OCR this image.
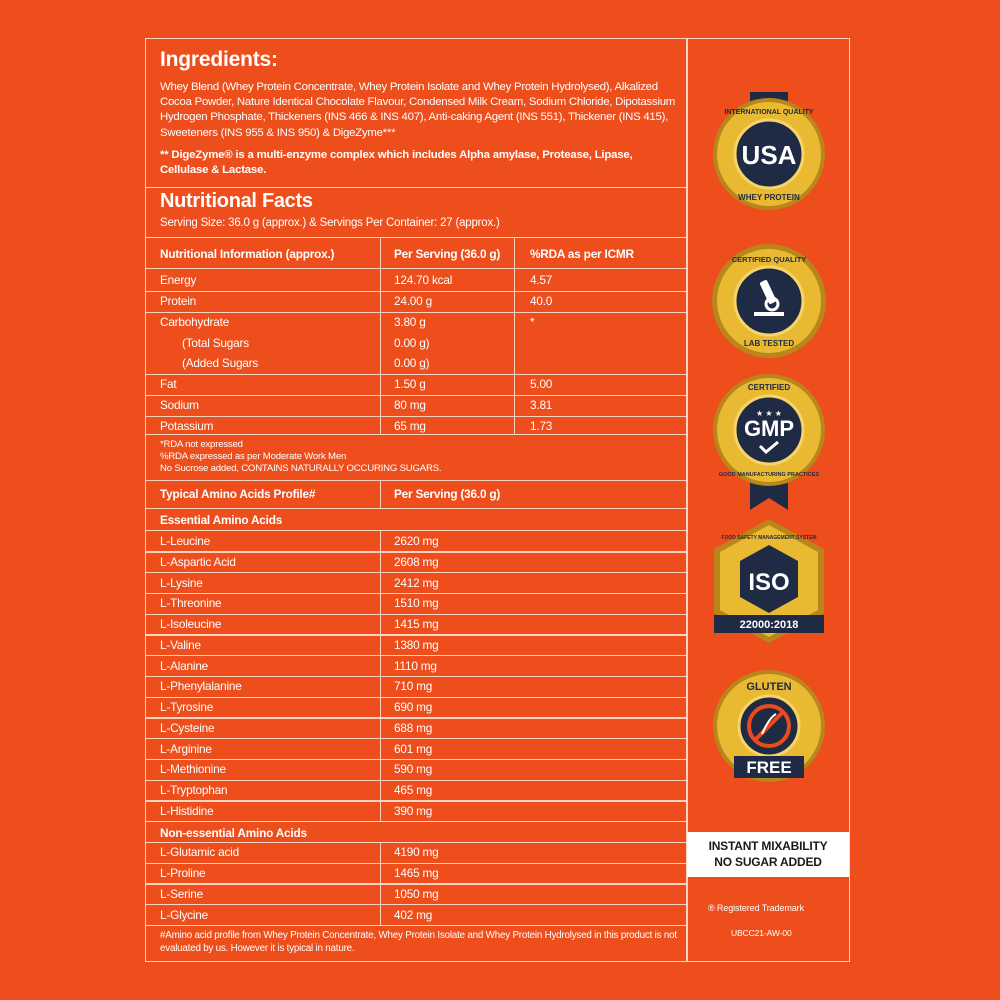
Ingredients:
Whey Blend (Whey Protein Concentrate, Whey Protein Isolate and Whey Protein Hydrolysed), Alkalized Cocoa Powder, Nature Identical Chocolate Flavour, Condensed Milk Cream, Sodium Chloride, Dipotassium Hydrogen Phosphate, Thickeners (INS 466 & INS 407), Anti-caking Agent (INS 551), Thickener (INS 415), Sweeteners (INS 955 & INS 950) & DigeZyme***
** DigeZyme® is a multi-enzyme complex which includes Alpha amylase, Protease, Lipase, Cellulase & Lactase.
Nutritional Facts
Serving Size: 36.0 g (approx.) & Servings Per Container: 27 (approx.)
Nutritional Information (approx.)	Per Serving (36.0 g)	%RDA as per ICMR
Energy	124.70 kcal	4.57
Protein	24.00 g	40.0
Carbohydrate	3.80 g	*
(Total Sugars	0.00 g)
(Added Sugars	0.00 g)
Fat	1.50 g	5.00
Sodium	80 mg	3.81
Potassium	65 mg	1.73
*RDA not expressed
%RDA expressed as per Moderate Work Men
No Sucrose added, CONTAINS NATURALLY OCCURING SUGARS.
Typical Amino Acids Profile#	Per Serving (36.0 g)
Essential Amino Acids
L-Leucine	2620 mg
L-Aspartic Acid	2608 mg
L-Lysine	2412 mg
L-Threonine	1510 mg
L-Isoleucine	1415 mg
L-Valine	1380 mg
L-Alanine	1110 mg
L-Phenylalanine	710 mg
L-Tyrosine	690 mg
L-Cysteine	688 mg
L-Arginine	601 mg
L-Methionine	590 mg
L-Tryptophan	465 mg
L-Histidine	390 mg
Non-essential Amino Acids
L-Glutamic acid	4190 mg
L-Proline	1465 mg
L-Serine	1050 mg
L-Glycine	402 mg
#Amino acid profile from Whey Protein Concentrate, Whey Protein Isolate and Whey Protein Hydrolysed in this product is not evaluated by us. However it is typical in nature.
USA
INTERNATIONAL QUALITY
WHEY PROTEIN
CERTIFIED QUALITY
LAB TESTED
GMP
★ ★ ★
CERTIFIED
GOOD MANUFACTURING PRACTICES
ISO
FOOD SAFETY MANAGEMENT SYSTEM
22000:2018
GLUTEN
FREE
INSTANT MIXABILITY
NO SUGAR ADDED
® Registered Trademark
UBCC21-AW-00
